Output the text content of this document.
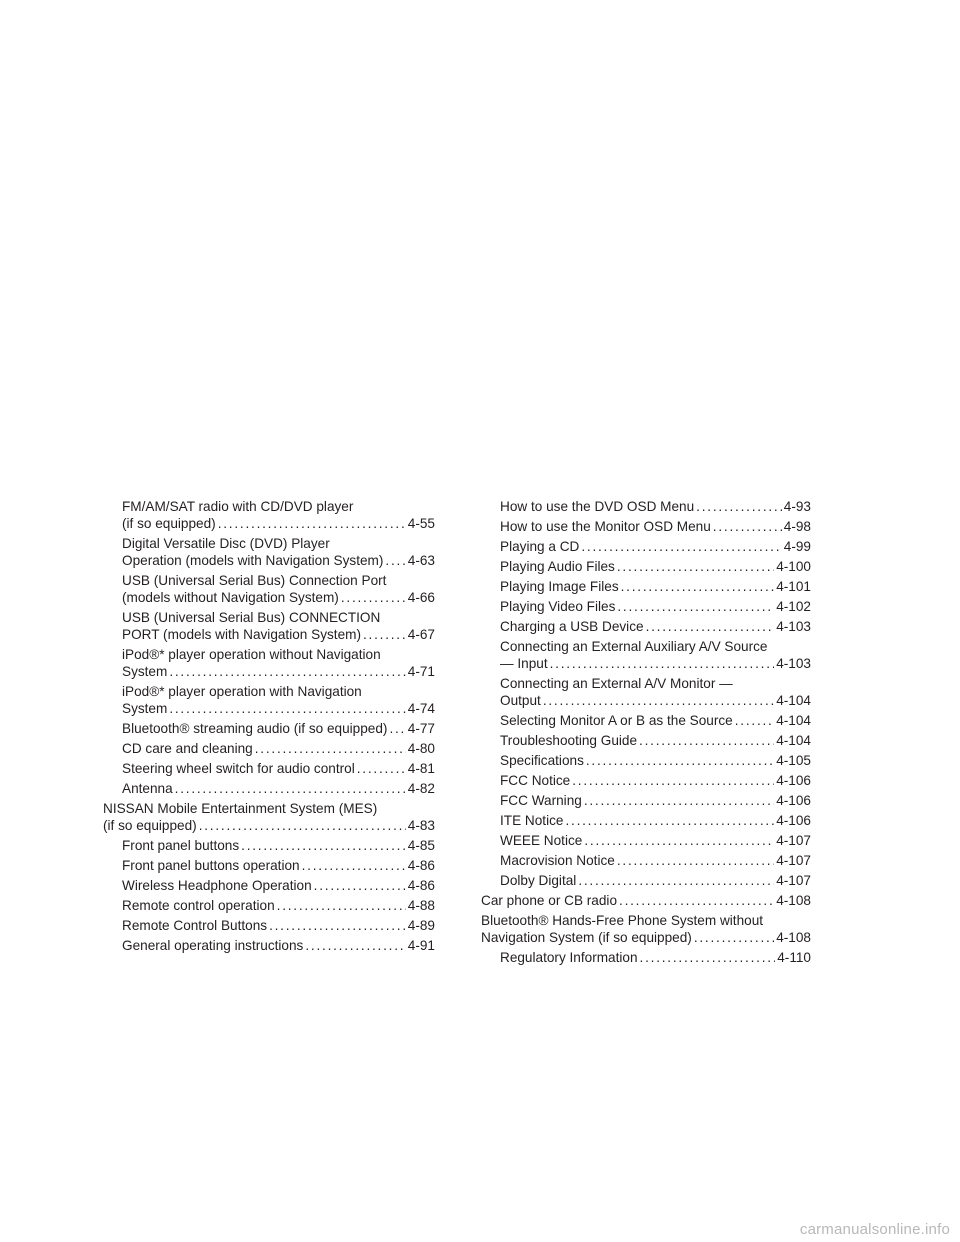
FM/AM/SAT radio with CD/DVD player
(if so equipped) . . .	4-55
Digital Versatile Disc (DVD) Player
Operation (models with Navigation System) . . . 4-63
USB (Universal Serial Bus) Connection Port
(models without Navigation System) . . .	4-66
USB (Universal Serial Bus) CONNECTION
PORT (models with Navigation System) . . .	4-67
iPod®* player operation without Navigation
System . . .	4-71
iPod®* player operation with Navigation
System . . .	4-74
Bluetooth® streaming audio (if so equipped) . . . 4-77
CD care and cleaning . . .	4-80
Steering wheel switch for audio control . . .	4-81
Antenna . . .	4-82
NISSAN Mobile Entertainment System (MES)
(if so equipped) . . .	4-83
Front panel buttons . . .	4-85
Front panel buttons operation . . .	4-86
Wireless Headphone Operation . . .	4-86
Remote control operation . . .	4-88
Remote Control Buttons . . .	4-89
General operating instructions . . .	4-91
How to use the DVD OSD Menu . . .	4-93
How to use the Monitor OSD Menu . . .	4-98
Playing a CD . . .	4-99
Playing Audio Files . . .	4-100
Playing Image Files . . .	4-101
Playing Video Files . . .	4-102
Charging a USB Device . . .	4-103
Connecting an External Auxiliary A/V Source
— Input . . .	4-103
Connecting an External A/V Monitor —
Output . . .	4-104
Selecting Monitor A or B as the Source . . .	4-104
Troubleshooting Guide . . .	4-104
Specifications . . .	4-105
FCC Notice . . .	4-106
FCC Warning . . .	4-106
ITE Notice . . .	4-106
WEEE Notice . . .	4-107
Macrovision Notice . . .	4-107
Dolby Digital . . .	4-107
Car phone or CB radio . . .	4-108
Bluetooth® Hands-Free Phone System without
Navigation System (if so equipped) . . .	4-108
Regulatory Information . . .	4-110
carmanualsonline.info
